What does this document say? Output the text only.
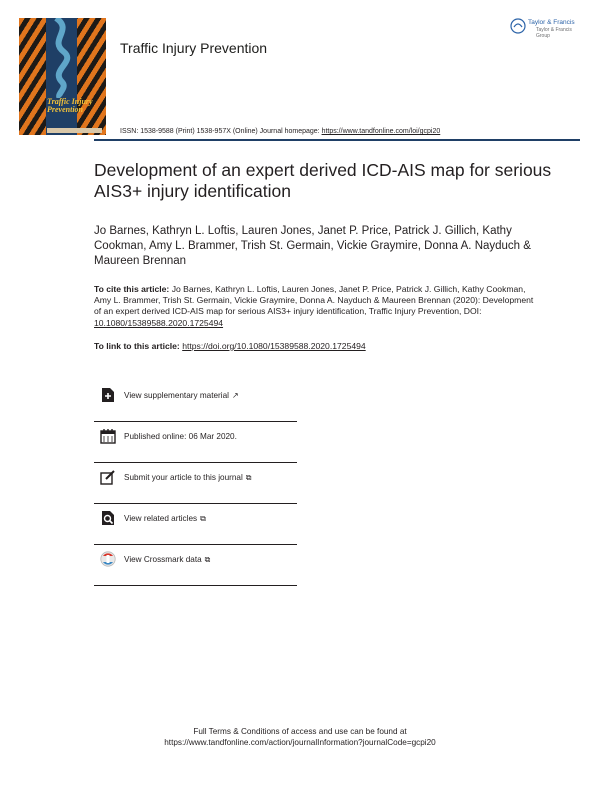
Traffic Injury Prevention
Traffic Injury Prevention
Taylor & Francis
Taylor & Francis Group
ISSN: 1538-9588 (Print) 1538-957X (Online) Journal homepage: https://www.tandfonline.com/loi/gcpi20
Development of an expert derived ICD-AIS map for serious AIS3+ injury identification
Jo Barnes, Kathryn L. Loftis, Lauren Jones, Janet P. Price, Patrick J. Gillich, Kathy Cookman, Amy L. Brammer, Trish St. Germain, Vickie Graymire, Donna A. Nayduch & Maureen Brennan
To cite this article: Jo Barnes, Kathryn L. Loftis, Lauren Jones, Janet P. Price, Patrick J. Gillich, Kathy Cookman, Amy L. Brammer, Trish St. Germain, Vickie Graymire, Donna A. Nayduch & Maureen Brennan (2020): Development of an expert derived ICD-AIS map for serious AIS3+ injury identification, Traffic Injury Prevention, DOI: 10.1080/15389588.2020.1725494
To link to this article: https://doi.org/10.1080/15389588.2020.1725494
View supplementary material ↗
Published online: 06 Mar 2020.
Submit your article to this journal ⧉
View related articles ⧉
View Crossmark data ⧉
Full Terms & Conditions of access and use can be found at
https://www.tandfonline.com/action/journalInformation?journalCode=gcpi20
